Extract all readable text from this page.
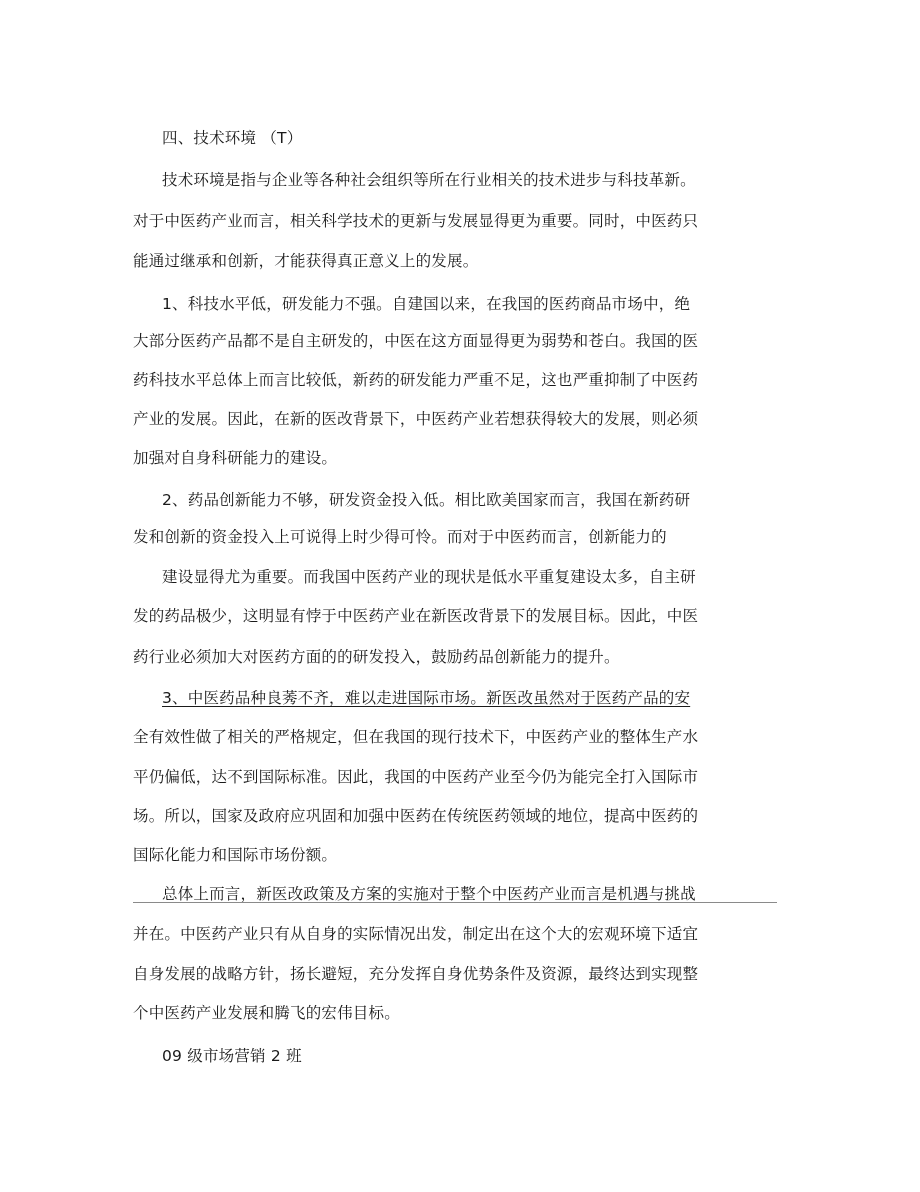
四、技术环境 （T）
技术环境是指与企业等各种社会组织等所在行业相关的技术进步与科技革新。
对于中医药产业而言，相关科学技术的更新与发展显得更为重要。同时，中医药只
能通过继承和创新，才能获得真正意义上的发展。
1、科技水平低，研发能力不强。自建国以来，在我国的医药商品市场中，绝
大部分医药产品都不是自主研发的，中医在这方面显得更为弱势和苍白。我国的医
药科技水平总体上而言比较低，新药的研发能力严重不足，这也严重抑制了中医药
产业的发展。因此，在新的医改背景下，中医药产业若想获得较大的发展，则必须
加强对自身科研能力的建设。
2、药品创新能力不够，研发资金投入低。相比欧美国家而言，我国在新药研
发和创新的资金投入上可说得上时少得可怜。而对于中医药而言，创新能力的
建设显得尤为重要。而我国中医药产业的现状是低水平重复建设太多，自主研
发的药品极少，这明显有悖于中医药产业在新医改背景下的发展目标。因此，中医
药行业必须加大对医药方面的的研发投入，鼓励药品创新能力的提升。
3、中医药品种良莠不齐，难以走进国际市场。新医改虽然对于医药产品的安
全有效性做了相关的严格规定，但在我国的现行技术下，中医药产业的整体生产水
平仍偏低，达不到国际标准。因此，我国的中医药产业至今仍为能完全打入国际市
场。所以，国家及政府应巩固和加强中医药在传统医药领域的地位，提高中医药的
国际化能力和国际市场份额。
总体上而言，新医改政策及方案的实施对于整个中医药产业而言是机遇与挑战
并在。中医药产业只有从自身的实际情况出发，制定出在这个大的宏观环境下适宜
自身发展的战略方针，扬长避短，充分发挥自身优势条件及资源，最终达到实现整
个中医药产业发展和腾飞的宏伟目标。
09 级市场营销 2 班
